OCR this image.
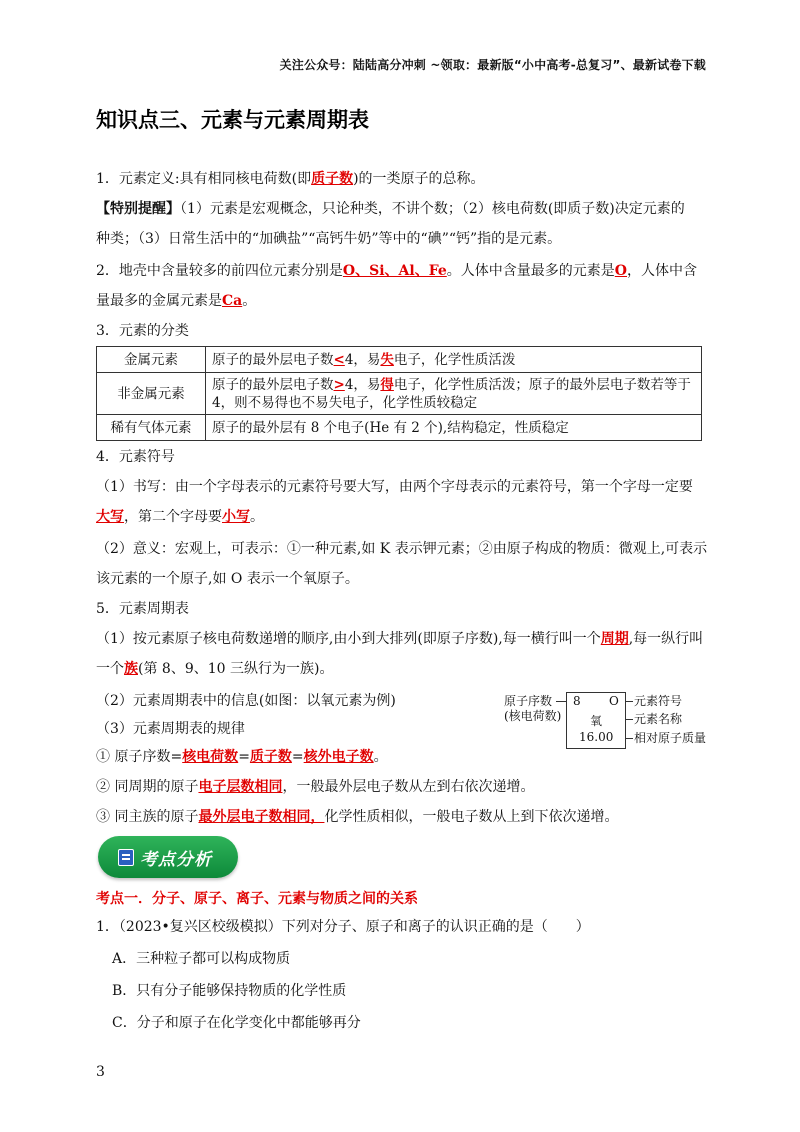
关注公众号：陆陆高分冲刺 ~领取：最新版“小中高考-总复习”、最新试卷下载
知识点三、元素与元素周期表
1．元素定义:具有相同核电荷数(即质子数)的一类原子的总称。
【特别提醒】（1）元素是宏观概念，只论种类，不讲个数；（2）核电荷数(即质子数)决定元素的
种类；（3）日常生活中的“加碘盐”“高钙牛奶”等中的“碘”“钙”指的是元素。
2．地壳中含量较多的前四位元素分别是O、Si、Al、Fe。人体中含量最多的元素是O，人体中含
量最多的金属元素是Ca。
3．元素的分类
金属元素	原子的最外层电子数<4，易失电子，化学性质活泼
非金属元素	原子的最外层电子数>4，易得电子，化学性质活泼；原子的最外层电子数若等于4，则不易得也不易失电子，化学性质较稳定
稀有气体元素	原子的最外层有 8 个电子(He 有 2 个),结构稳定，性质稳定
4．元素符号
（1）书写：由一个字母表示的元素符号要大写，由两个字母表示的元素符号，第一个字母一定要
大写，第二个字母要小写。
（2）意义：宏观上，可表示：①一种元素,如 K 表示钾元素；②由原子构成的物质：微观上,可表示
该元素的一个原子,如 O 表示一个氧原子。
5．元素周期表
（1）按元素原子核电荷数递增的顺序,由小到大排列(即原子序数),每一横行叫一个周期,每一纵行叫
一个族(第 8、9、10 三纵行为一族)。
（2）元素周期表中的信息(如图：以氧元素为例)
（3）元素周期表的规律
① 原子序数=核电荷数=质子数=核外电子数。
② 同周期的原子电子层数相同，一般最外层电子数从左到右依次递增。
③ 同主族的原子最外层电子数相同，化学性质相似，一般电子数从上到下依次递增。
原子序数
(核电荷数)
8 O
氧
16.00
元素符号
元素名称
相对原子质量
考点分析
考点一．分子、原子、离子、元素与物质之间的关系
1．（2023•复兴区校级模拟）下列对分子、原子和离子的认识正确的是（　　）
A．三种粒子都可以构成物质
B．只有分子能够保持物质的化学性质
C．分子和原子在化学变化中都能够再分
3
